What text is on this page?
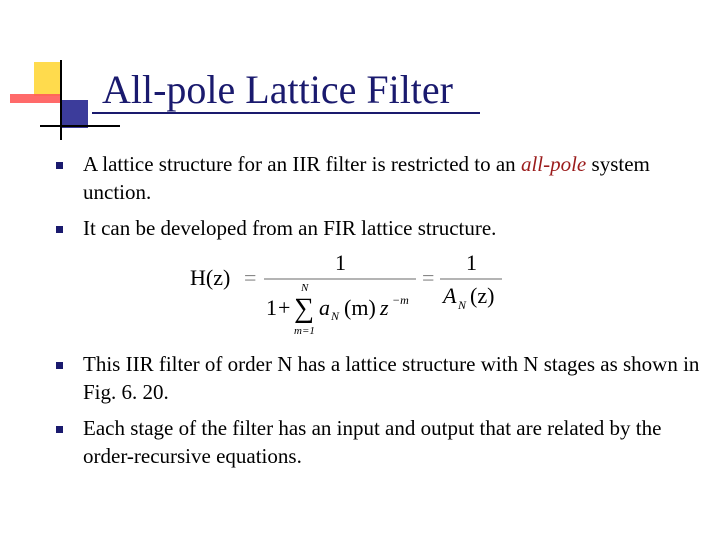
All-pole Lattice Filter
A lattice structure for an IIR filter is restricted to an all-pole system unction.
It can be developed from an FIR lattice structure.
H(z) =
1
1 +
N
∑
m=1
a N (m) z −m
=
1
A N (z)
This IIR filter of order N has a lattice structure with N stages as shown in Fig. 6. 20.
Each stage of the filter has an input and output that are related by the order-recursive equations.
